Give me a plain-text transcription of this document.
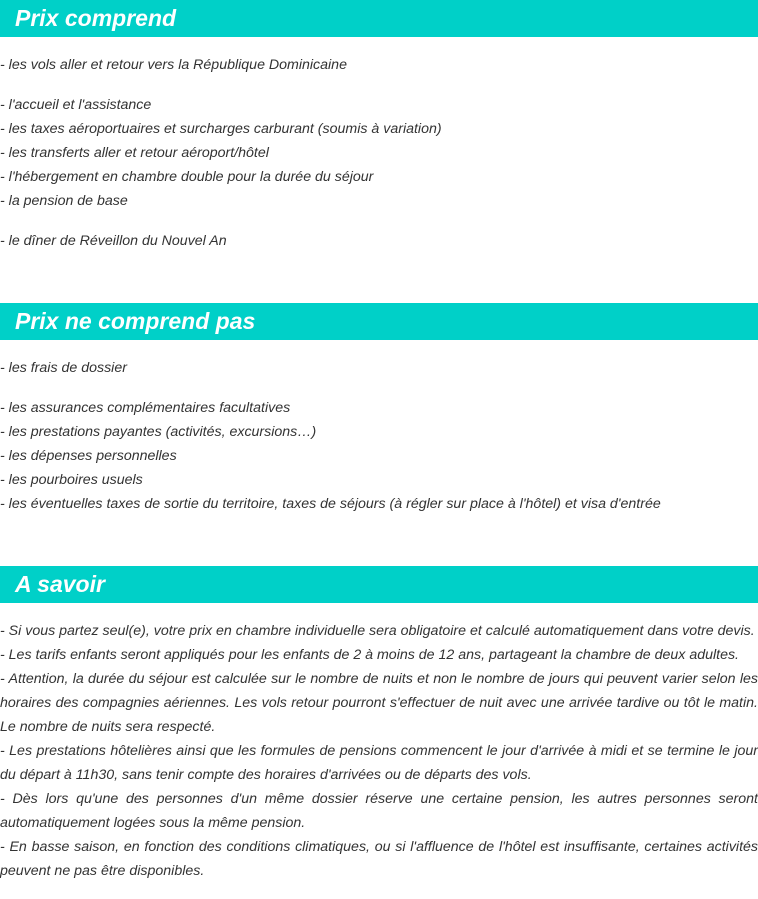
Prix comprend
- les vols aller et retour vers la République Dominicaine
- l'accueil et l'assistance
- les taxes aéroportuaires et surcharges carburant (soumis à variation)
- les transferts aller et retour aéroport/hôtel
- l'hébergement en chambre double pour la durée du séjour
- la pension de base
- le dîner de Réveillon du Nouvel An
Prix ne comprend pas
- les frais de dossier
- les assurances complémentaires facultatives
- les prestations payantes (activités, excursions…)
- les dépenses personnelles
- les pourboires usuels
- les éventuelles taxes de sortie du territoire, taxes de séjours (à régler sur place à l'hôtel) et visa d'entrée
A savoir
- Si vous partez seul(e), votre prix en chambre individuelle sera obligatoire et calculé automatiquement dans votre devis.
- Les tarifs enfants seront appliqués pour les enfants de 2 à moins de 12 ans, partageant la chambre de deux adultes.
- Attention, la durée du séjour est calculée sur le nombre de nuits et non le nombre de jours qui peuvent varier selon les horaires des compagnies aériennes. Les vols retour pourront s'effectuer de nuit avec une arrivée tardive ou tôt le matin. Le nombre de nuits sera respecté.
- Les prestations hôtelières ainsi que les formules de pensions commencent le jour d'arrivée à midi et se termine le jour du départ à 11h30, sans tenir compte des horaires d'arrivées ou de départs des vols.
- Dès lors qu'une des personnes d'un même dossier réserve une certaine pension, les autres personnes seront automatiquement logées sous la même pension.
- En basse saison, en fonction des conditions climatiques, ou si l'affluence de l'hôtel est insuffisante, certaines activités peuvent ne pas être disponibles.
